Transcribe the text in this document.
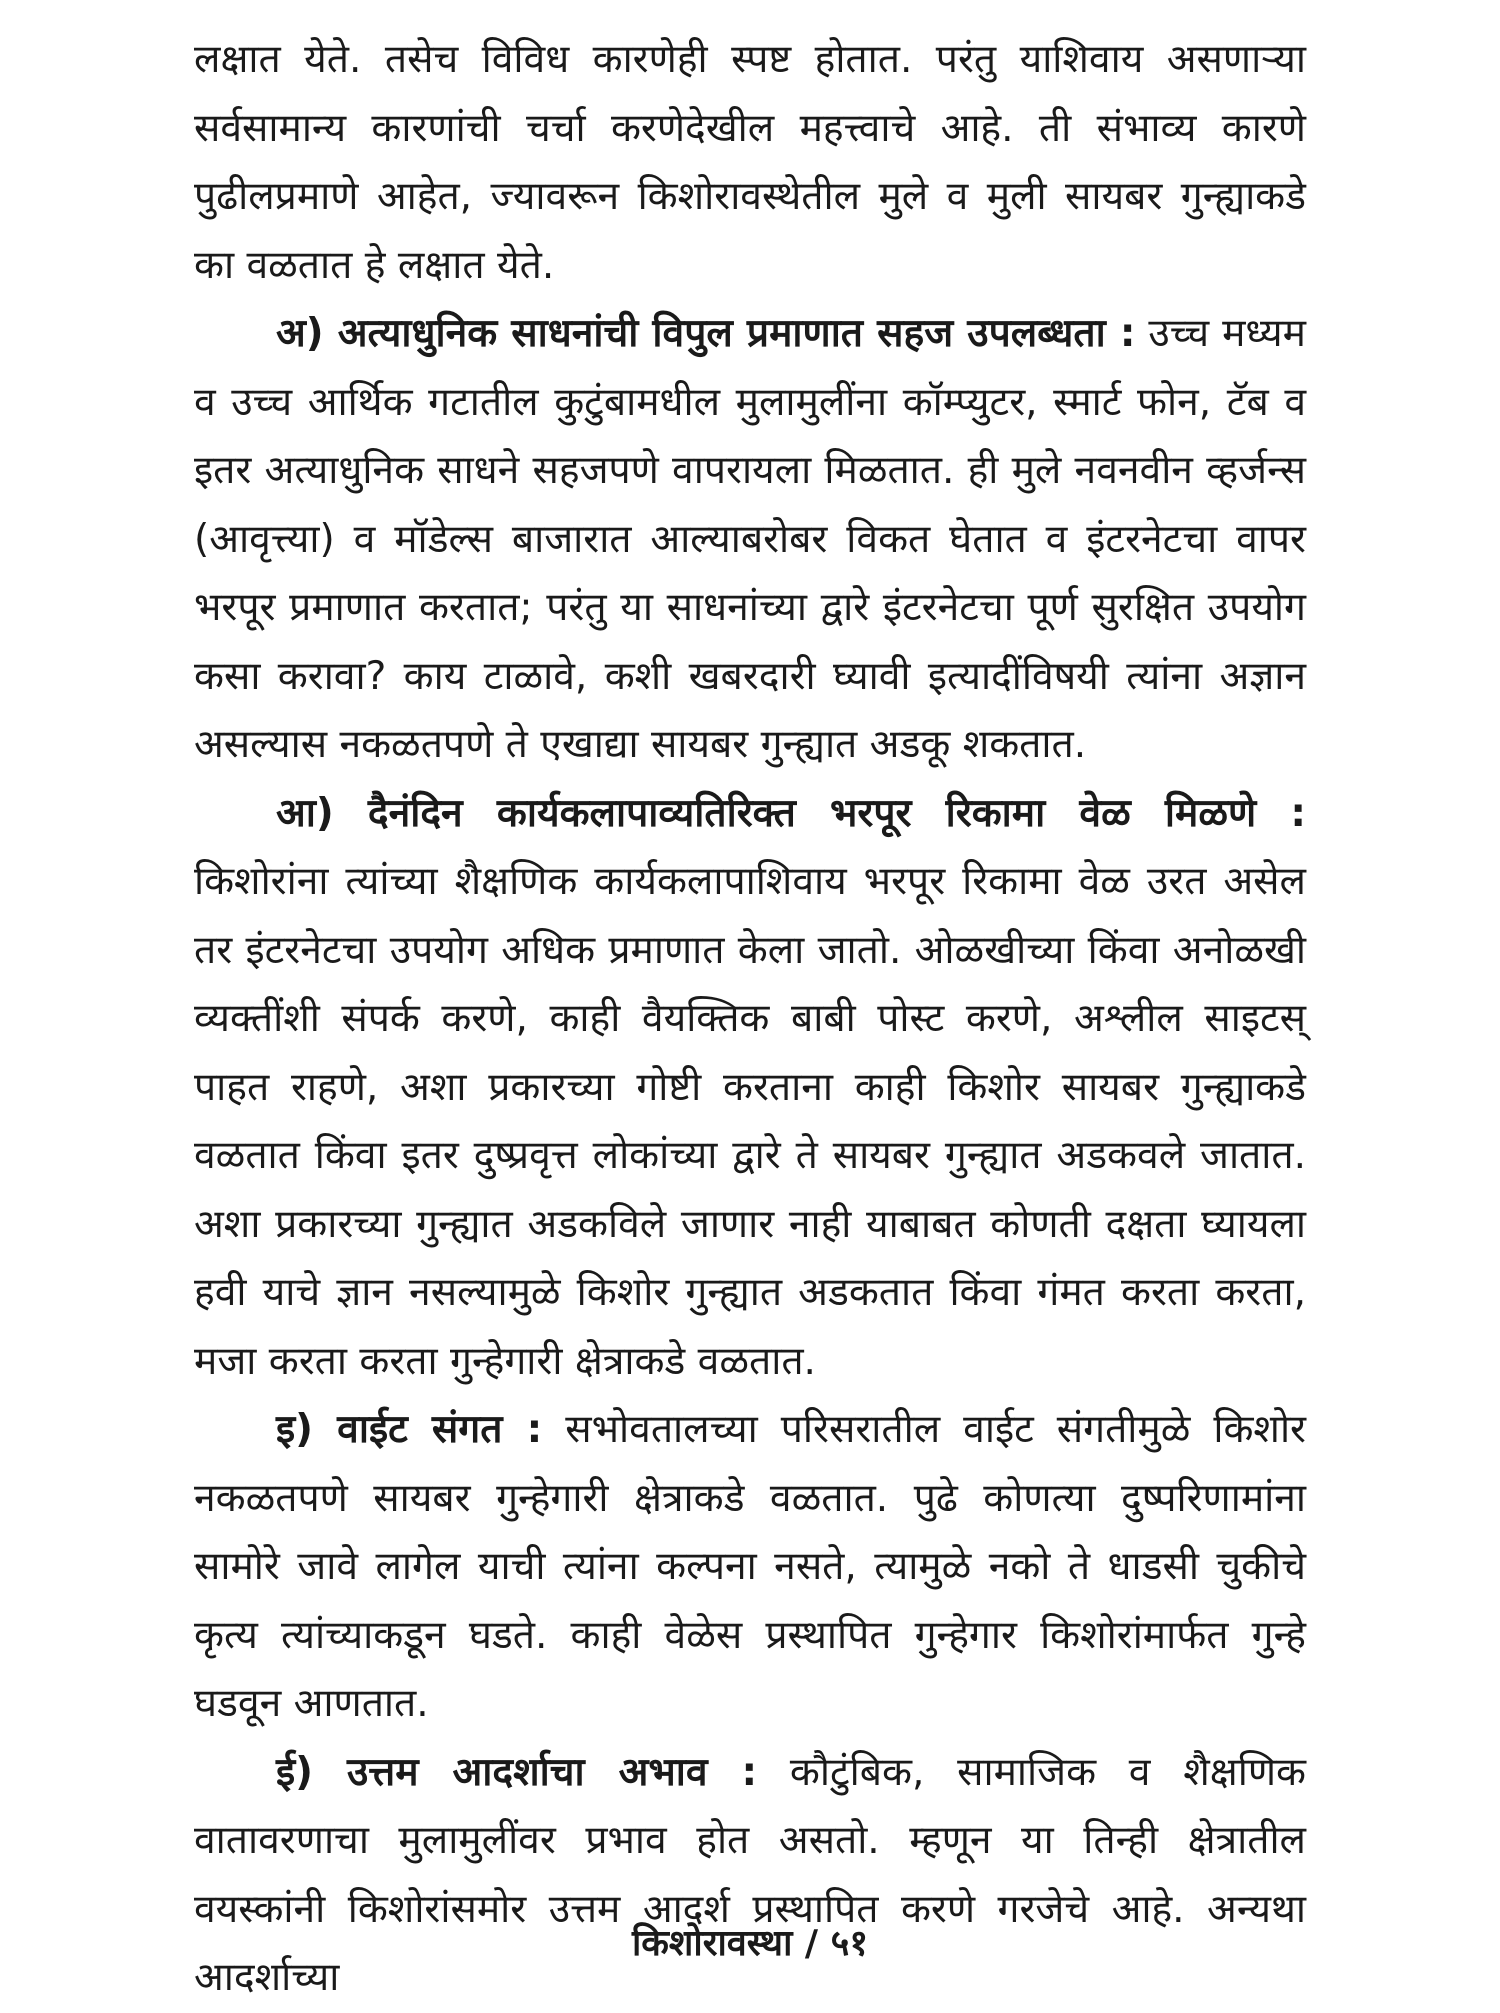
लक्षात येते. तसेच विविध कारणेही स्पष्ट होतात. परंतु याशिवाय असणाऱ्या सर्वसामान्य कारणांची चर्चा करणेदेखील महत्त्वाचे आहे. ती संभाव्य कारणे पुढीलप्रमाणे आहेत, ज्यावरून किशोरावस्थेतील मुले व मुली सायबर गुन्ह्याकडे का वळतात हे लक्षात येते.

अ) अत्याधुनिक साधनांची विपुल प्रमाणात सहज उपलब्धता : उच्च मध्यम व उच्च आर्थिक गटातील कुटुंबामधील मुलामुलींना कॉम्प्युटर, स्मार्ट फोन, टॅब व इतर अत्याधुनिक साधने सहजपणे वापरायला मिळतात. ही मुले नवनवीन व्हर्जन्स (आवृत्त्या) व मॉडेल्स बाजारात आल्याबरोबर विकत घेतात व इंटरनेटचा वापर भरपूर प्रमाणात करतात; परंतु या साधनांच्या द्वारे इंटरनेटचा पूर्ण सुरक्षित उपयोग कसा करावा? काय टाळावे, कशी खबरदारी घ्यावी इत्यादींविषयी त्यांना अज्ञान असल्यास नकळतपणे ते एखाद्या सायबर गुन्ह्यात अडकू शकतात.

आ) दैनंदिन कार्यकलापाव्यतिरिक्त भरपूर रिकामा वेळ मिळणे : किशोरांना त्यांच्या शैक्षणिक कार्यकलापाशिवाय भरपूर रिकामा वेळ उरत असेल तर इंटरनेटचा उपयोग अधिक प्रमाणात केला जातो. ओळखीच्या किंवा अनोळखी व्यक्तींशी संपर्क करणे, काही वैयक्तिक बाबी पोस्ट करणे, अश्लील साइटस् पाहत राहणे, अशा प्रकारच्या गोष्टी करताना काही किशोर सायबर गुन्ह्याकडे वळतात किंवा इतर दुष्प्रवृत्त लोकांच्या द्वारे ते सायबर गुन्ह्यात अडकवले जातात. अशा प्रकारच्या गुन्ह्यात अडकविले जाणार नाही याबाबत कोणती दक्षता घ्यायला हवी याचे ज्ञान नसल्यामुळे किशोर गुन्ह्यात अडकतात किंवा गंमत करता करता, मजा करता करता गुन्हेगारी क्षेत्राकडे वळतात.

इ) वाईट संगत : सभोवतालच्या परिसरातील वाईट संगतीमुळे किशोर नकळतपणे सायबर गुन्हेगारी क्षेत्राकडे वळतात. पुढे कोणत्या दुष्परिणामांना सामोरे जावे लागेल याची त्यांना कल्पना नसते, त्यामुळे नको ते धाडसी चुकीचे कृत्य त्यांच्याकडून घडते. काही वेळेस प्रस्थापित गुन्हेगार किशोरांमार्फत गुन्हे घडवून आणतात.

ई) उत्तम आदर्शाचा अभाव : कौटुंबिक, सामाजिक व शैक्षणिक वातावरणाचा मुलामुलींवर प्रभाव होत असतो. म्हणून या तिन्ही क्षेत्रातील वयस्कांनी किशोरांसमोर उत्तम आदर्श प्रस्थापित करणे गरजेचे आहे. अन्यथा आदर्शाच्या

किशोरावस्था / ५१
